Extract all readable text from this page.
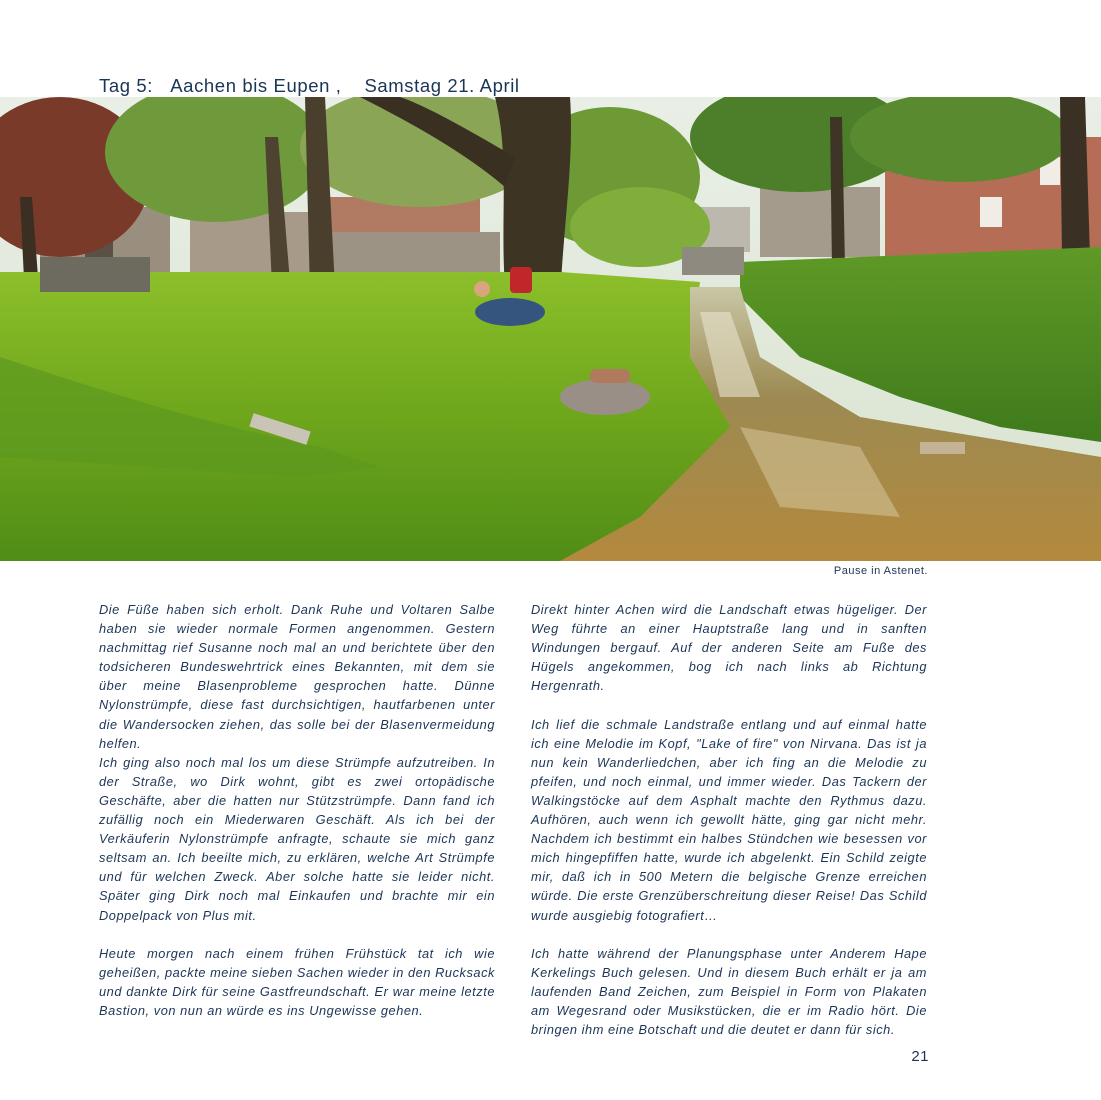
Tag 5: Aachen bis Eupen , Samstag 21. April
Pause in Astenet.

Die Füße haben sich erholt. Dank Ruhe und Voltaren Salbe haben sie wieder normale Formen angenommen. Gestern nachmittag rief Susanne noch mal an und berichtete über den todsicheren Bundeswehrtrick eines Bekannten, mit dem sie über meine Blasenprobleme gesprochen hatte. Dünne Nylonstrümpfe, diese fast durchsichtigen, hautfarbenen unter die Wandersocken ziehen, das solle bei der Blasenvermeidung helfen.

Ich ging also noch mal los um diese Strümpfe aufzutreiben. In der Straße, wo Dirk wohnt, gibt es zwei ortopädische Geschäfte, aber die hatten nur Stützstrümpfe. Dann fand ich zufällig noch ein Miederwaren Geschäft. Als ich bei der Verkäuferin Nylonstrümpfe anfragte, schaute sie mich ganz seltsam an. Ich beeilte mich, zu erklären, welche Art Strümpfe und für welchen Zweck. Aber solche hatte sie leider nicht. Später ging Dirk noch mal Einkaufen und brachte mir ein Doppelpack von Plus mit.

Heute morgen nach einem frühen Frühstück tat ich wie geheißen, packte meine sieben Sachen wieder in den Rucksack und dankte Dirk für seine Gastfreundschaft. Er war meine letzte Bastion, von nun an würde es ins Ungewisse gehen.

Direkt hinter Achen wird die Landschaft etwas hügeliger. Der Weg führte an einer Hauptstraße lang und in sanften Windungen bergauf. Auf der anderen Seite am Fuße des Hügels angekommen, bog ich nach links ab Richtung Hergenrath.

Ich lief die schmale Landstraße entlang und auf einmal hatte ich eine Melodie im Kopf, "Lake of fire" von Nirvana. Das ist ja nun kein Wanderliedchen, aber ich fing an die Melodie zu pfeifen, und noch einmal, und immer wieder. Das Tackern der Walkingstöcke auf dem Asphalt machte den Rythmus dazu. Aufhören, auch wenn ich gewollt hätte, ging gar nicht mehr. Nachdem ich bestimmt ein halbes Stündchen wie besessen vor mich hingepfiffen hatte, wurde ich abgelenkt. Ein Schild zeigte mir, daß ich in 500 Metern die belgische Grenze erreichen würde. Die erste Grenzüberschreitung dieser Reise! Das Schild wurde ausgiebig fotografiert…

Ich hatte während der Planungsphase unter Anderem Hape Kerkelings Buch gelesen. Und in diesem Buch erhält er ja am laufenden Band Zeichen, zum Beispiel in Form von Plakaten am Wegesrand oder Musikstücken, die er im Radio hört. Die bringen ihm eine Botschaft und die deutet er dann für sich.

21
